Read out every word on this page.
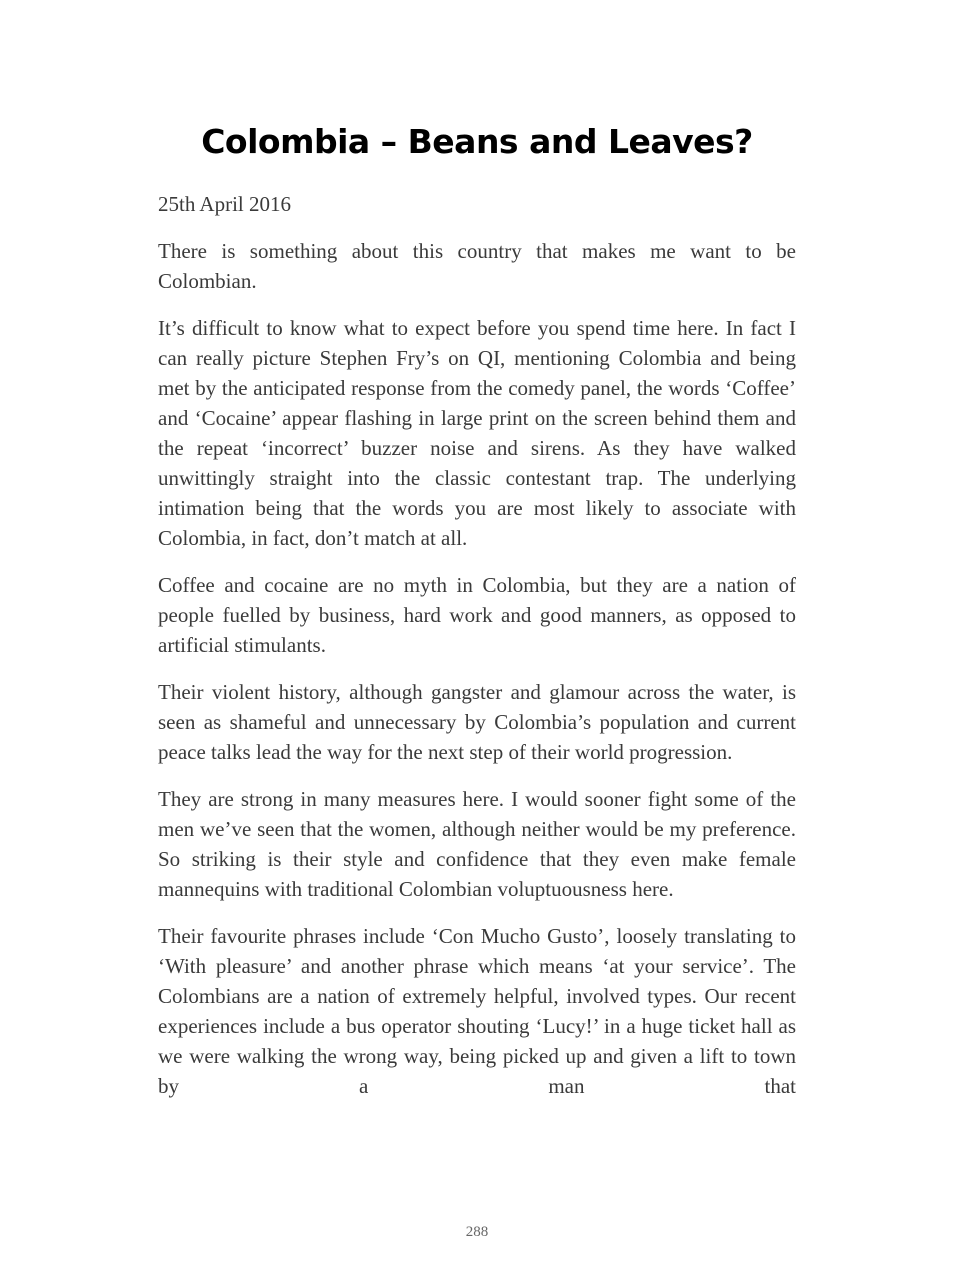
Colombia – Beans and Leaves?

25th April 2016

There is something about this country that makes me want to be Colombian.

It’s difficult to know what to expect before you spend time here. In fact I can really picture Stephen Fry’s on QI, mentioning Colombia and being met by the anticipated response from the comedy panel, the words ‘Coffee’ and ‘Cocaine’ appear flashing in large print on the screen behind them and the repeat ‘incorrect’ buzzer noise and sirens. As they have walked unwittingly straight into the classic contestant trap. The underlying intimation being that the words you are most likely to associate with Colombia, in fact, don’t match at all.

Coffee and cocaine are no myth in Colombia, but they are a nation of people fuelled by business, hard work and good manners, as opposed to artificial stimulants.

Their violent history, although gangster and glamour across the water, is seen as shameful and unnecessary by Colombia’s population and current peace talks lead the way for the next step of their world progression.

They are strong in many measures here. I would sooner fight some of the men we’ve seen that the women, although neither would be my preference. So striking is their style and confidence that they even make female mannequins with traditional Colombian voluptuousness here.

Their favourite phrases include ‘Con Mucho Gusto’, loosely translating to ‘With pleasure’ and another phrase which means ‘at your service’. The Colombians are a nation of extremely helpful, involved types. Our recent experiences include a bus operator shouting ‘Lucy!’ in a huge ticket hall as we were walking the wrong way, being picked up and given a lift to town by a man that

288
